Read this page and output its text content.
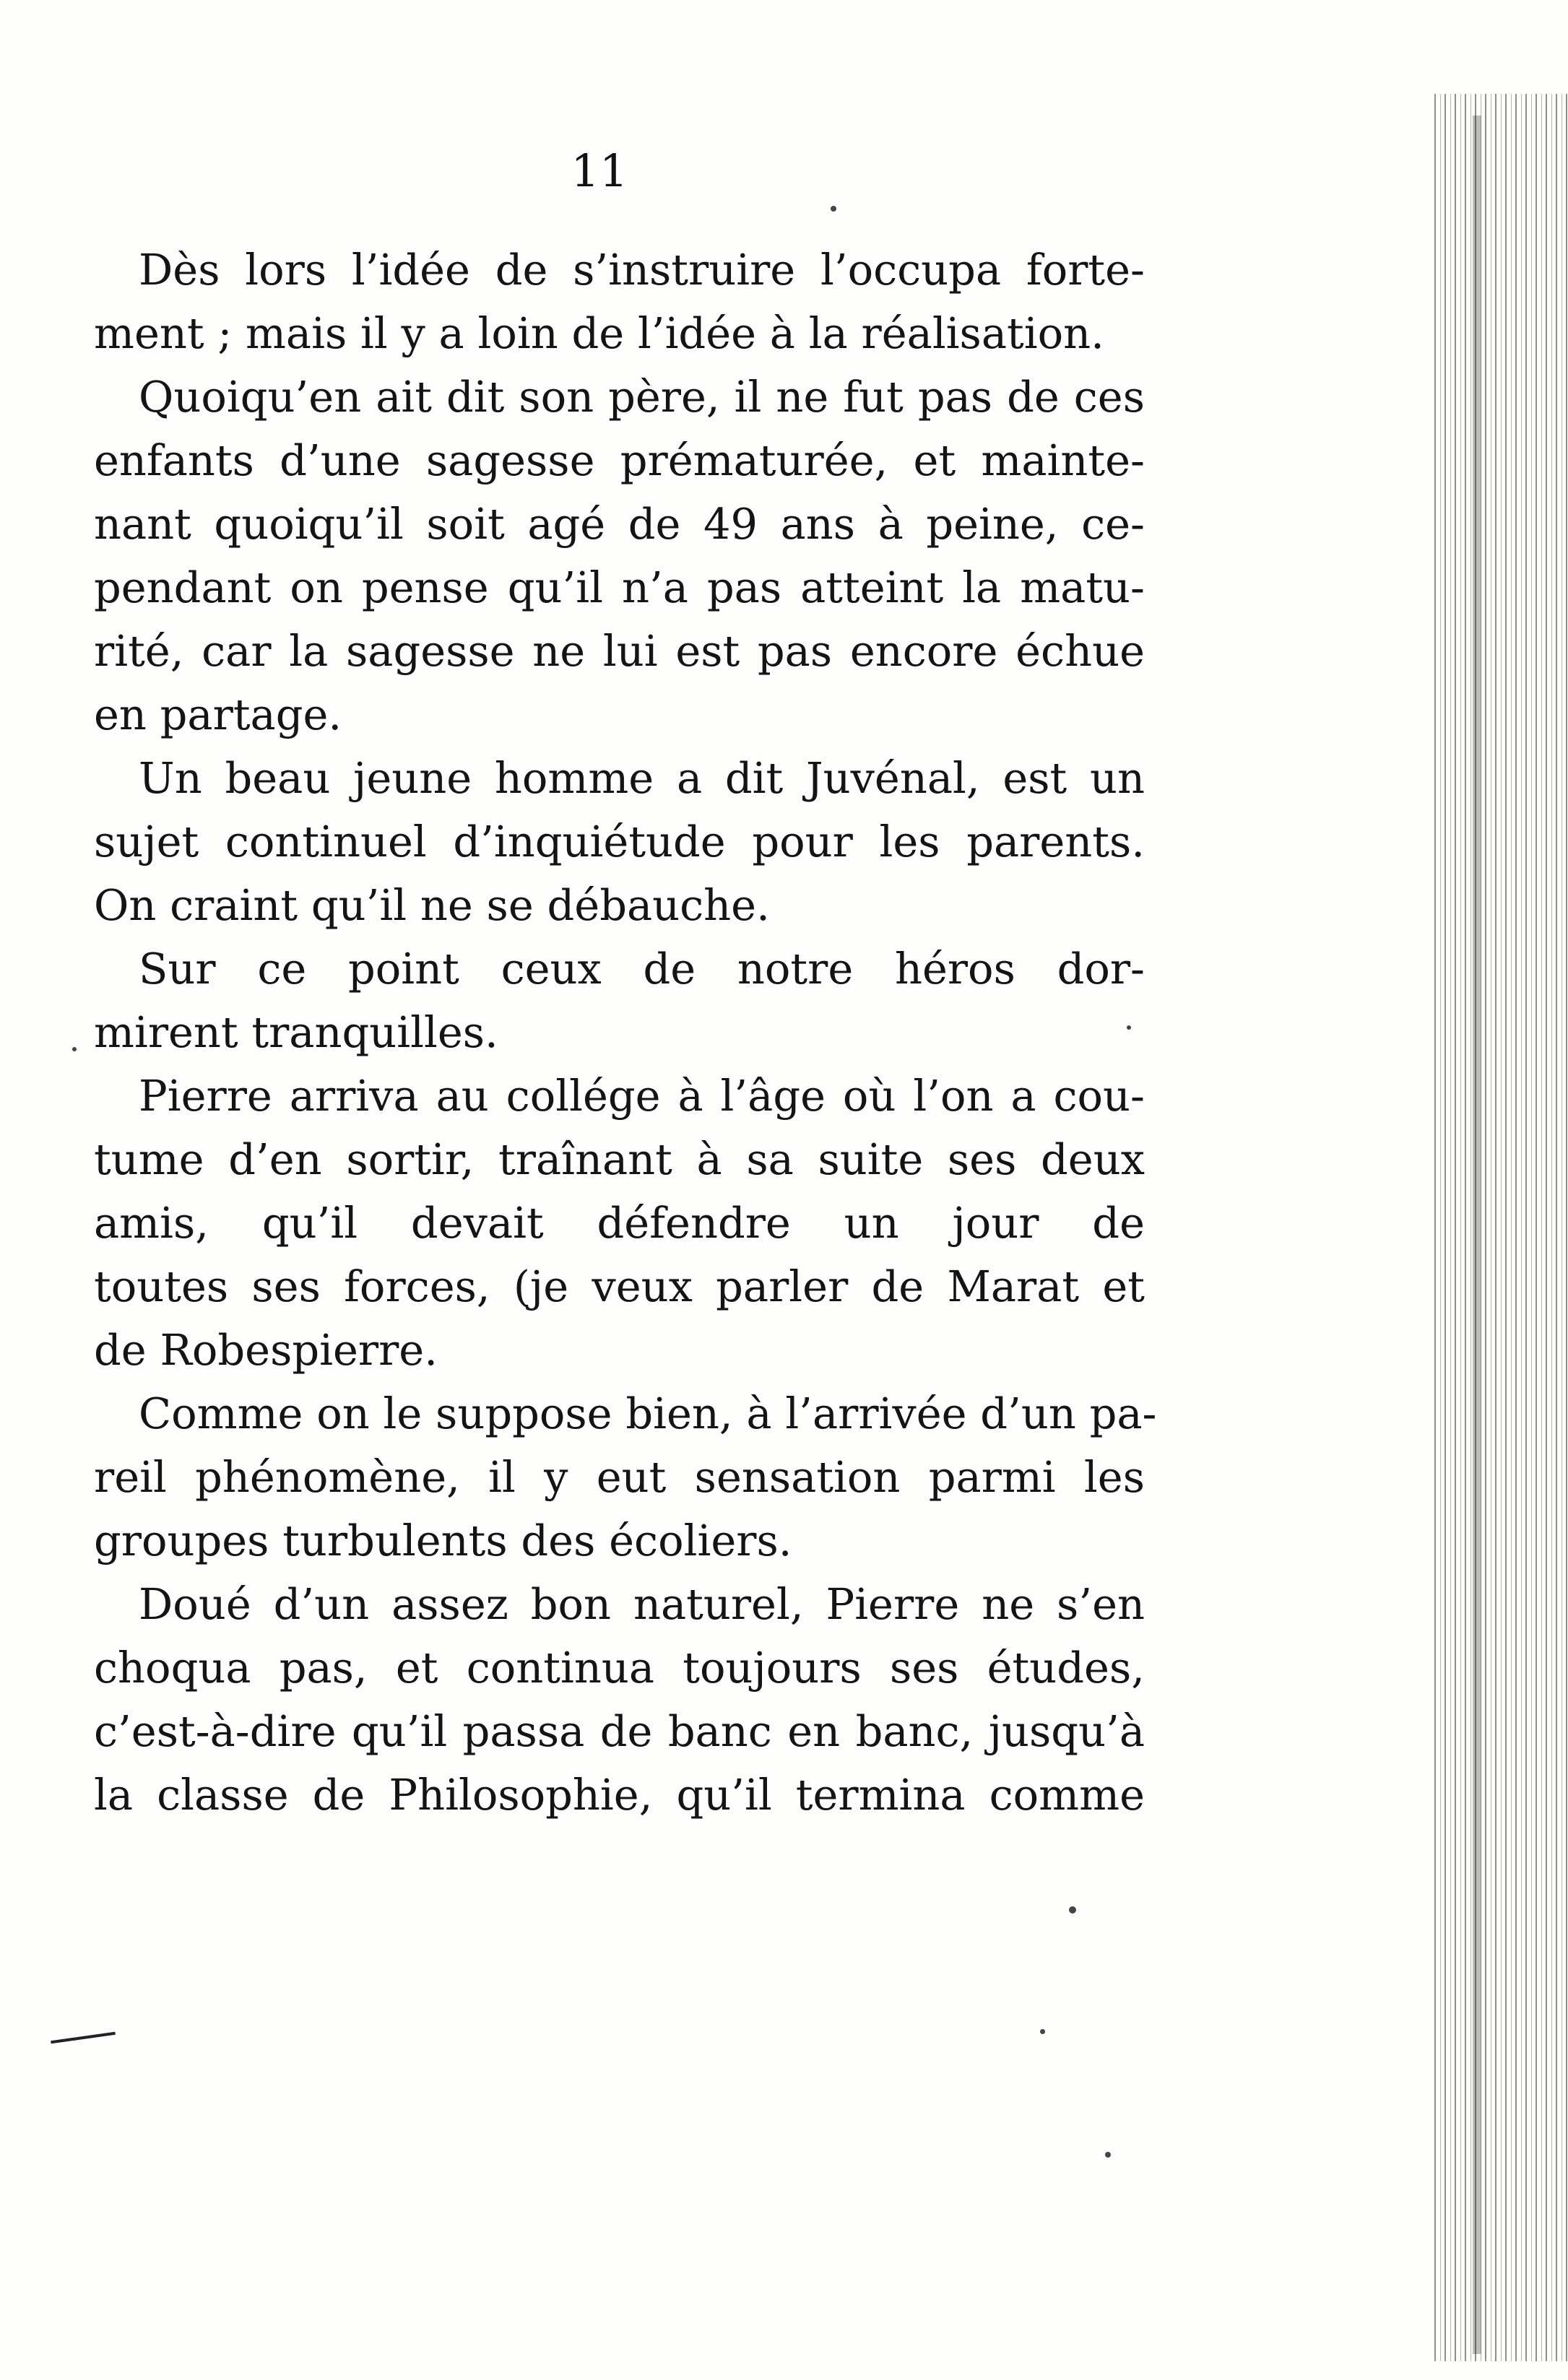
11
Dès lors l’idée de s’instruire l’occupa forte-
ment ; mais il y a loin de l’idée à la réalisation.
Quoiqu’en ait dit son père, il ne fut pas de ces
enfants d’une sagesse prématurée, et mainte-
nant quoiqu’il soit agé de 49 ans à peine, ce-
pendant on pense qu’il n’a pas atteint la matu-
rité, car la sagesse ne lui est pas encore échue
en partage.
Un beau jeune homme a dit Juvénal, est un
sujet continuel d’inquiétude pour les parents.
On craint qu’il ne se débauche.
Sur ce point ceux de notre héros dor-
mirent tranquilles.
Pierre arriva au collége à l’âge où l’on a cou-
tume d’en sortir, traînant à sa suite ses deux
amis, qu’il devait défendre un jour de
toutes ses forces, (je veux parler de Marat et
de Robespierre.
Comme on le suppose bien, à l’arrivée d’un pa-
reil phénomène, il y eut sensation parmi les
groupes turbulents des écoliers.
Doué d’un assez bon naturel, Pierre ne s’en
choqua pas, et continua toujours ses études,
c’est-à-dire qu’il passa de banc en banc, jusqu’à
la classe de Philosophie, qu’il termina comme
